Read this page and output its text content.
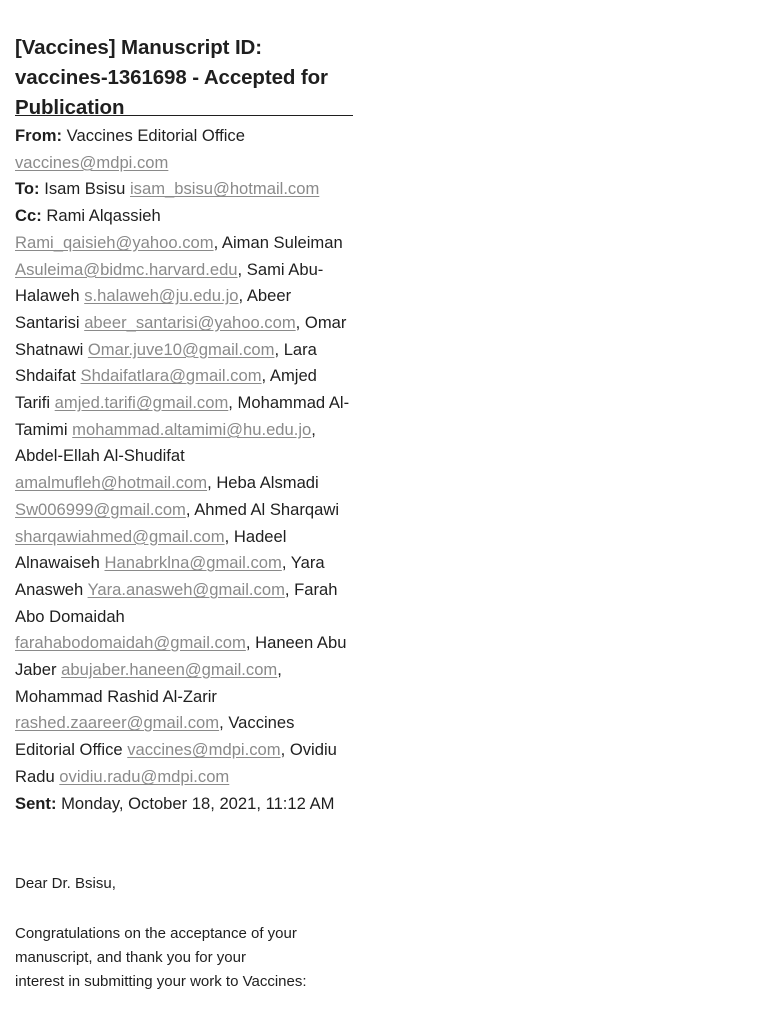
[Vaccines] Manuscript ID: vaccines-1361698 - Accepted for Publication
From: Vaccines Editorial Office vaccines@mdpi.com
To: Isam Bsisu isam_bsisu@hotmail.com
Cc: Rami Alqassieh Rami_qaisieh@yahoo.com, Aiman Suleiman Asuleima@bidmc.harvard.edu, Sami Abu-Halaweh s.halaweh@ju.edu.jo, Abeer Santarisi abeer_santarisi@yahoo.com, Omar Shatnawi Omar.juve10@gmail.com, Lara Shdaifat Shdaifatlara@gmail.com, Amjed Tarifi amjed.tarifi@gmail.com, Mohammad Al-Tamimi mohammad.altamimi@hu.edu.jo, Abdel-Ellah Al-Shudifat amalmufleh@hotmail.com, Heba Alsmadi Sw006999@gmail.com, Ahmed Al Sharqawi sharqawiahmed@gmail.com, Hadeel Alnawaiseh Hanabrklna@gmail.com, Yara Anasweh Yara.anasweh@gmail.com, Farah Abo Domaidah farahabodomaidah@gmail.com, Haneen Abu Jaber abujaber.haneen@gmail.com, Mohammad Rashid Al-Zarir rashed.zaareer@gmail.com, Vaccines Editorial Office vaccines@mdpi.com, Ovidiu Radu ovidiu.radu@mdpi.com
Sent: Monday, October 18, 2021, 11:12 AM
Dear Dr. Bsisu,
Congratulations on the acceptance of your
manuscript, and thank you for your
interest in submitting your work to Vaccines:
